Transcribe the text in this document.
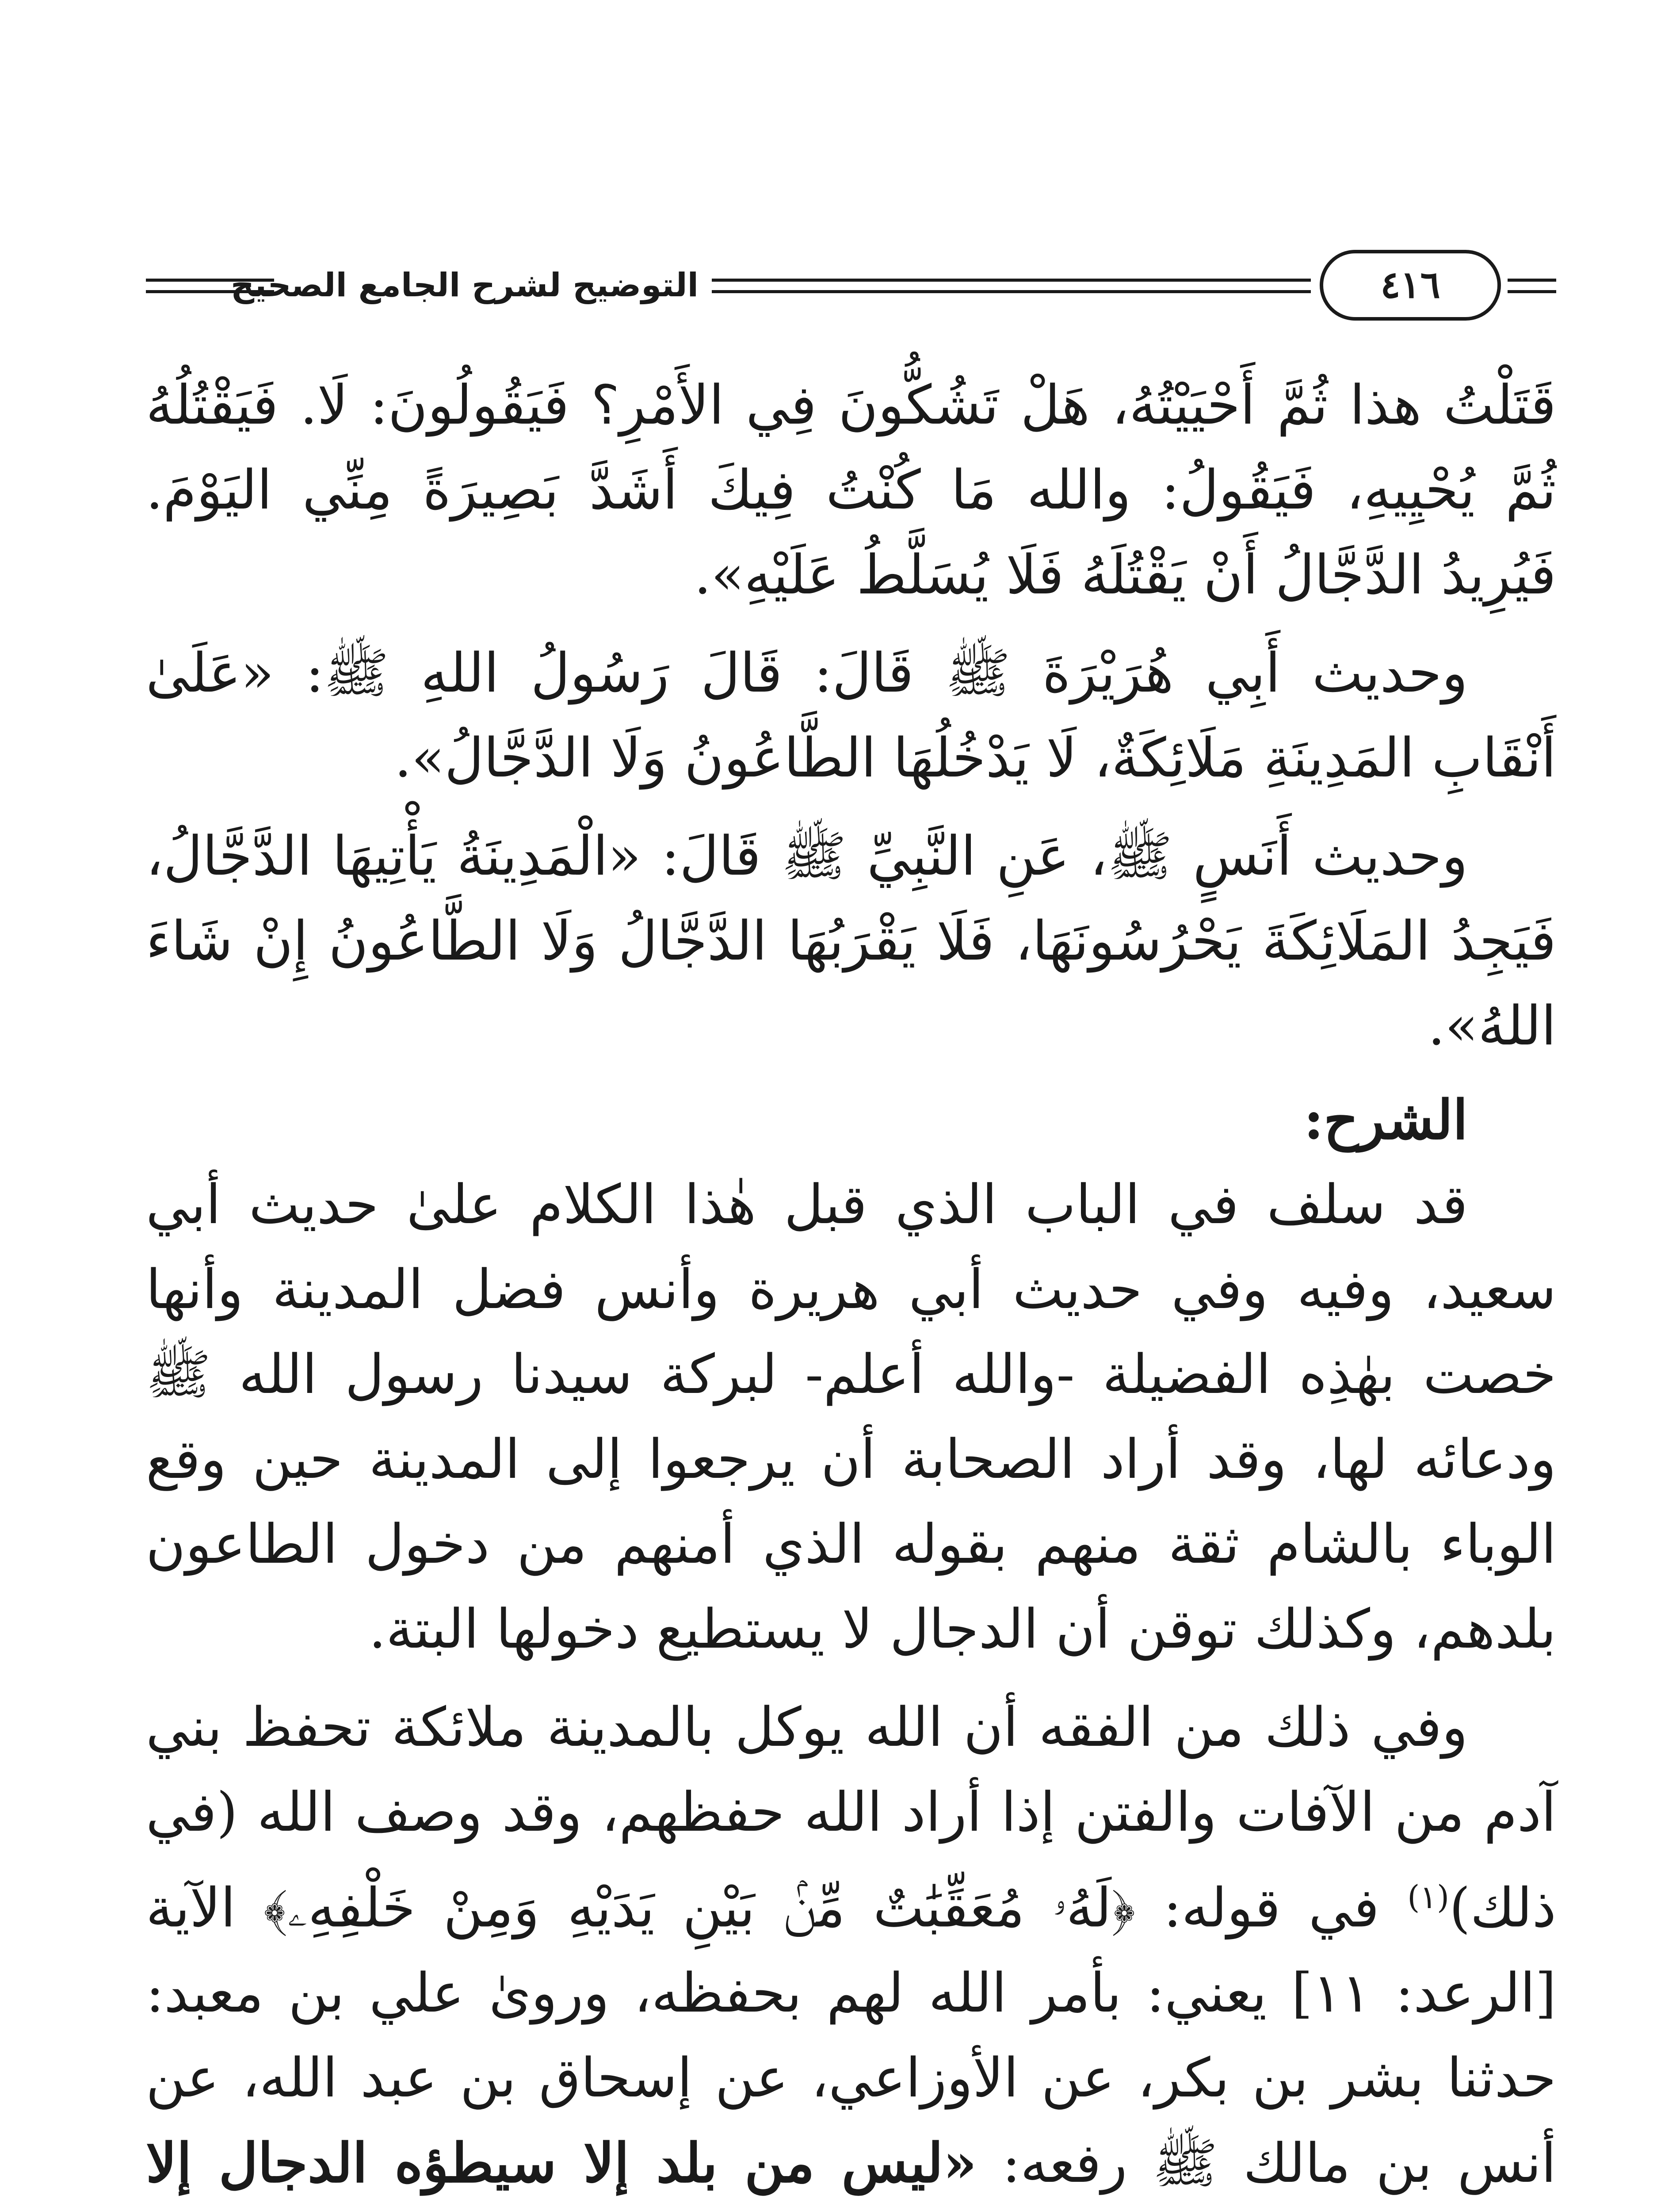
التوضيح لشرح الجامع الصحيح	٤١٦

قَتَلْتُ هذا ثُمَّ أَحْيَيْتُهُ، هَلْ تَشُكُّونَ فِي الأَمْرِ؟ فَيَقُولُونَ: لَا. فَيَقْتُلُهُ ثُمَّ يُحْيِيهِ، فَيَقُولُ: والله مَا كُنْتُ فِيكَ أَشَدَّ بَصِيرَةً مِنِّي اليَوْمَ. فَيُرِيدُ الدَّجَّالُ أَنْ يَقْتُلَهُ فَلَا يُسَلَّطُ عَلَيْهِ».

وحديث أَبِي هُرَيْرَةَ ﷺ قَالَ: قَالَ رَسُولُ اللهِ ﷺ: «عَلَىٰ أَنْقَابِ المَدِينَةِ مَلَائِكَةٌ، لَا يَدْخُلُهَا الطَّاعُونُ وَلَا الدَّجَّالُ».

وحديث أَنَسٍ ﷺ، عَنِ النَّبِيِّ ﷺ قَالَ: «الْمَدِينَةُ يَأْتِيهَا الدَّجَّالُ، فَيَجِدُ المَلَائِكَةَ يَحْرُسُونَهَا، فَلَا يَقْرَبُهَا الدَّجَّالُ وَلَا الطَّاعُونُ إِنْ شَاءَ اللهُ».

الشرح:

قد سلف في الباب الذي قبل هٰذا الكلام علىٰ حديث أبي سعيد، وفيه وفي حديث أبي هريرة وأنس فضل المدينة وأنها خصت بهٰذِه الفضيلة -والله أعلم- لبركة سيدنا رسول الله ﷺ ودعائه لها، وقد أراد الصحابة أن يرجعوا إلى المدينة حين وقع الوباء بالشام ثقة منهم بقوله الذي أمنهم من دخول الطاعون بلدهم، وكذلك توقن أن الدجال لا يستطيع دخولها البتة.

وفي ذلك من الفقه أن الله يوكل بالمدينة ملائكة تحفظ بني آدم من الآفات والفتن إذا أراد الله حفظهم، وقد وصف الله (في ذلك)$^{(١)}$ في قوله: ﴿لَهُۥ مُعَقِّبَٰتٌ مِّنۢ بَيْنِ يَدَيْهِ وَمِنْ خَلْفِهِۦ﴾ الآية [الرعد: ١١] يعني: بأمر الله لهم بحفظه، وروىٰ علي بن معبد: حدثنا بشر بن بكر، عن الأوزاعي، عن إسحاق بن عبد الله، عن أنس بن مالك ﷺ رفعه: «ليس من بلد إلا سيطؤه الدجال إلا
